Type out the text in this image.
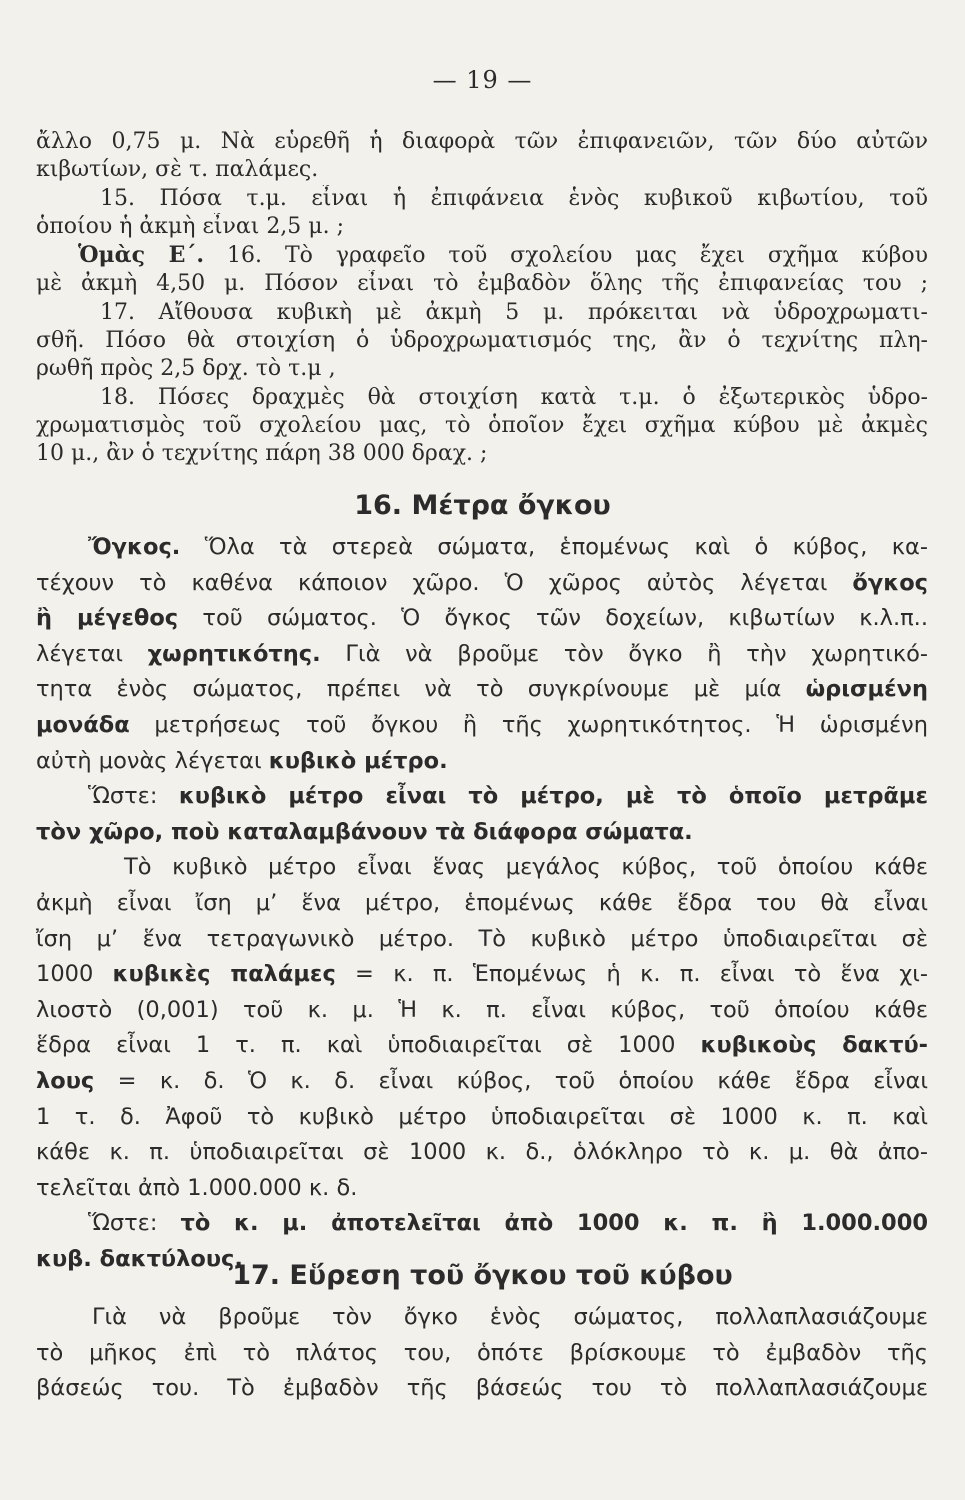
— 19 —
ἄλλο 0,75 μ. Νὰ εὑρεθῆ ἡ διαφορὰ τῶν ἐπιφανειῶν, τῶν δύο αὐτῶν
κιβωτίων, σὲ τ. παλάμες.
15. Πόσα τ.μ. εἶναι ἡ ἐπιφάνεια ἑνὸς κυβικοῦ κιβωτίου, τοῦ
ὁποίου ἡ ἀκμὴ εἶναι 2,5 μ. ;
Ὁμὰς Ε΄. 16. Τὸ γραφεῖο τοῦ σχολείου μας ἔχει σχῆμα κύβου
μὲ ἀκμὴ 4,50 μ. Πόσον εἶναι τὸ ἐμβαδὸν ὅλης τῆς ἐπιφανείας του ;
17. Αἴθουσα κυβικὴ μὲ ἀκμὴ 5 μ. πρόκειται νὰ ὑδροχρωματι-
σθῆ. Πόσο θὰ στοιχίση ὁ ὑδροχρωματισμός της, ἂν ὁ τεχνίτης πλη-
ρωθῆ πρὸς 2,5 δρχ. τὸ τ.μ ,
18. Πόσες δραχμὲς θὰ στοιχίση κατὰ τ.μ. ὁ ἐξωτερικὸς ὑδρο-
χρωματισμὸς τοῦ σχολείου μας, τὸ ὁποῖον ἔχει σχῆμα κύβου μὲ ἀκμὲς
10 μ., ἂν ὁ τεχνίτης πάρη 38 000 δραχ. ;
16. Μέτρα ὄγκου
Ὄγκος. Ὅλα τὰ στερεὰ σώματα, ἑπομένως καὶ ὁ κύβος, κα-
τέχουν τὸ καθένα κάποιον χῶρο. Ὁ χῶρος αὐτὸς λέγεται ὄγκος
ἢ μέγεθος τοῦ σώματος. Ὁ ὄγκος τῶν δοχείων, κιβωτίων κ.λ.π..
λέγεται χωρητικότης. Γιὰ νὰ βροῦμε τὸν ὄγκο ἢ τὴν χωρητικό-
τητα ἑνὸς σώματος, πρέπει νὰ τὸ συγκρίνουμε μὲ μία ὡρισμένη
μονάδα μετρήσεως τοῦ ὄγκου ἢ τῆς χωρητικότητος. Ἡ ὡρισμένη
αὐτὴ μονὰς λέγεται κυβικὸ μέτρο.
Ὥστε: κυβικὸ μέτρο εἶναι τὸ μέτρο, μὲ τὸ ὁποῖο μετρᾶμε
τὸν χῶρο, ποὺ καταλαμβάνουν τὰ διάφορα σώματα.
Τὸ κυβικὸ μέτρο εἶναι ἕνας μεγάλος κύβος, τοῦ ὁποίου κάθε
ἀκμὴ εἶναι ἴση μ’ ἕνα μέτρο, ἑπομένως κάθε ἕδρα του θὰ εἶναι
ἴση μ’ ἕνα τετραγωνικὸ μέτρο. Τὸ κυβικὸ μέτρο ὑποδιαιρεῖται σὲ
1000 κυβικὲς παλάμες = κ. π. Ἑπομένως ἡ κ. π. εἶναι τὸ ἕνα χι-
λιοστὸ (0,001) τοῦ κ. μ. Ἡ κ. π. εἶναι κύβος, τοῦ ὁποίου κάθε
ἕδρα εἶναι 1 τ. π. καὶ ὑποδιαιρεῖται σὲ 1000 κυβικοὺς δακτύ-
λους = κ. δ. Ὁ κ. δ. εἶναι κύβος, τοῦ ὁποίου κάθε ἕδρα εἶναι
1 τ. δ. Ἀφοῦ τὸ κυβικὸ μέτρο ὑποδιαιρεῖται σὲ 1000 κ. π. καὶ
κάθε κ. π. ὑποδιαιρεῖται σὲ 1000 κ. δ., ὁλόκληρο τὸ κ. μ. θὰ ἀπο-
τελεῖται ἀπὸ 1.000.000 κ. δ.
Ὥστε: τὸ κ. μ. ἀποτελεῖται ἀπὸ 1000 κ. π. ἢ 1.000.000
κυβ. δακτύλους.
17. Εὕρεση τοῦ ὄγκου τοῦ κύβου
Γιὰ νὰ βροῦμε τὸν ὄγκο ἑνὸς σώματος, πολλαπλασιάζουμε
τὸ μῆκος ἐπὶ τὸ πλάτος του, ὁπότε βρίσκουμε τὸ ἐμβαδὸν τῆς
βάσεώς του. Τὸ ἐμβαδὸν τῆς βάσεώς του τὸ πολλαπλασιάζουμε
